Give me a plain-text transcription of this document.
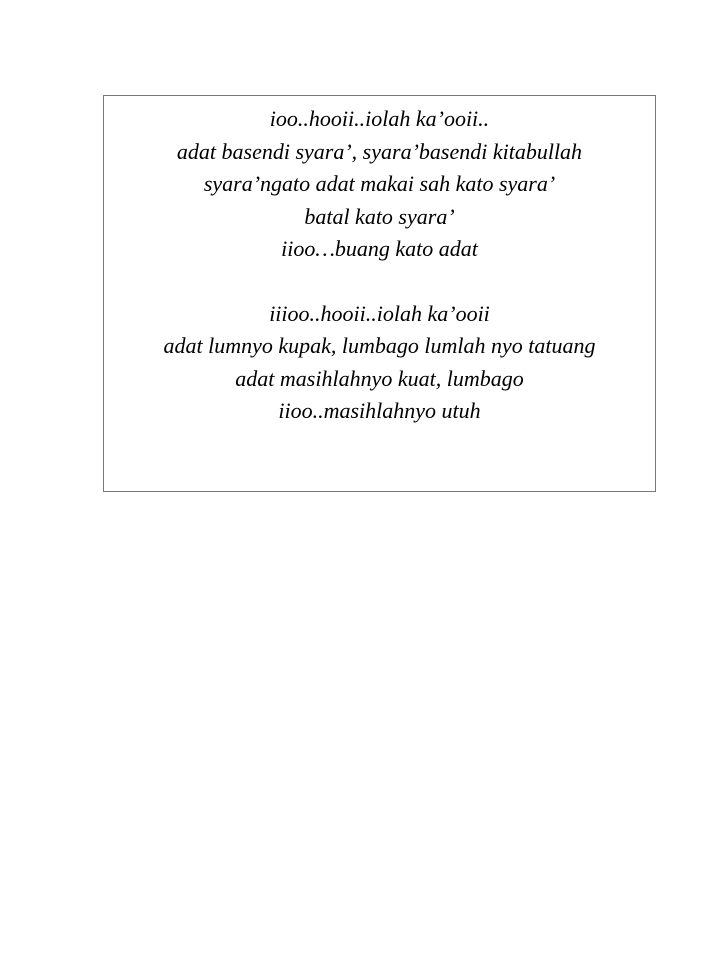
ioo..hooii..iolah ka’ooii..
adat basendi syara’, syara’basendi kitabullah
syara’ngato adat makai sah kato syara’
batal kato syara’
iioo…buang kato adat
iiioo..hooii..iolah ka’ooii
adat lumnyo kupak, lumbago lumlah nyo tatuang
adat masihlahnyo kuat, lumbago
iioo..masihlahnyo utuh
